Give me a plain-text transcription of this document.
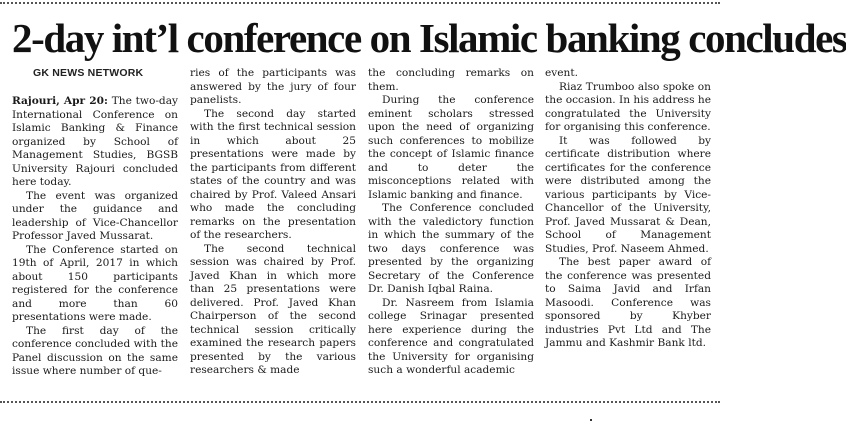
2-day int’l conference on Islamic banking concludes
GK NEWS NETWORK

Rajouri, Apr 20: The two-day International Conference on Islamic Banking & Finance organized by School of Management Studies, BGSB University Rajouri concluded here today.

The event was organized under the guidance and leadership of Vice-Chancellor Professor Javed Mussarat.

The Conference started on 19th of April, 2017 in which about 150 participants registered for the conference and more than 60 presentations were made.

The first day of the conference concluded with the Panel discussion on the same issue where number of que-

ries of the participants was answered by the jury of four panelists.

The second day started with the first technical session in which about 25 presentations were made by the participants from different states of the country and was chaired by Prof. Valeed Ansari who made the concluding remarks on the presentation of the researchers.

The second technical session was chaired by Prof. Javed Khan in which more than 25 presentations were delivered. Prof. Javed Khan Chairperson of the second technical session critically examined the research papers presented by the various researchers & made

the concluding remarks on them.

During the conference eminent scholars stressed upon the need of organizing such conferences to mobilize the concept of Islamic finance and to deter the misconceptions related with Islamic banking and finance.

The Conference concluded with the valedictory function in which the summary of the two days conference was presented by the organizing Secretary of the Conference Dr. Danish Iqbal Raina.

Dr. Nasreem from Islamia college Srinagar presented here experience during the conference and congratulated the University for organising such a wonderful academic

event.

Riaz Trumboo also spoke on the occasion. In his address he congratulated the University for organising this conference.

It was followed by certificate distribution where certificates for the conference were distributed among the various participants by Vice-Chancellor of the University, Prof. Javed Mussarat & Dean, School of Management Studies, Prof. Naseem Ahmed.

The best paper award of the conference was presented to Saima Javid and Irfan Masoodi. Conference was sponsored by Khyber industries Pvt Ltd and The Jammu and Kashmir Bank ltd.
